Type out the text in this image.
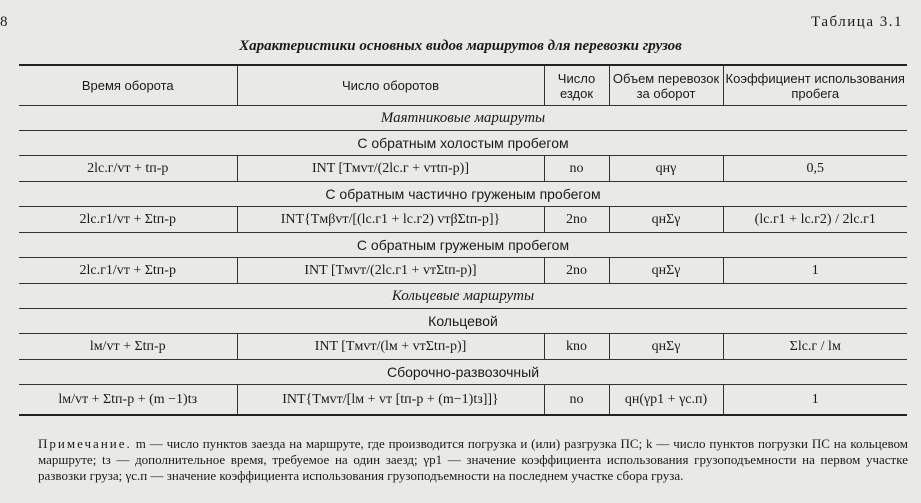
8	Таблица 3.1
Характеристики основных видов маршрутов для перевозки грузов
Время оборота	Число оборотов	Число ездок	Объем перевозок за оборот	Коэффициент использования пробега
Маятниковые маршруты				
С обратным холостым пробегом				
2lс.г/vт + tп-р	INT [Tмvт/(2lс.г + vтtп-р)]	nо	qнγ	0,5
С обратным частично груженым пробегом				
2lс.г1/vт + Σtп-р	INT{Tмβvт/[(lс.г1 + lс.г2) vтβΣtп-р]}	2nо	qнΣγ	(lс.г1 + lс.г2) / 2lс.г1
С обратным груженым пробегом				
2lс.г1/vт + Σtп-р	INT [Tмvт/(2lс.г1 + vтΣtп-р)]	2nо	qнΣγ	1
Кольцевые маршруты				
Кольцевой				
lм/vт + Σtп-р	INT [Tмvт/(lм + vтΣtп-р)]	knо	qнΣγ	Σlс.г / lм
Сборочно-развозочный				
lм/vт + Σtп-р + (m −1)tз	INT{Tмvт/[lм + vт [tп-р + (m−1)tз]]}	nо	qн(γр1 + γс.п)	1
Примечание. m — число пунктов заезда на маршруте, где производится погрузка и (или) разгрузка ПС; k — число пунктов погрузки ПС на кольцевом маршруте; tз — дополнительное время, требуемое на один заезд; γр1 — значение коэффициента использования грузоподъемности на первом участке развозки груза; γс.п — значение коэффициента использования грузоподъемности на последнем участке сбора груза.
